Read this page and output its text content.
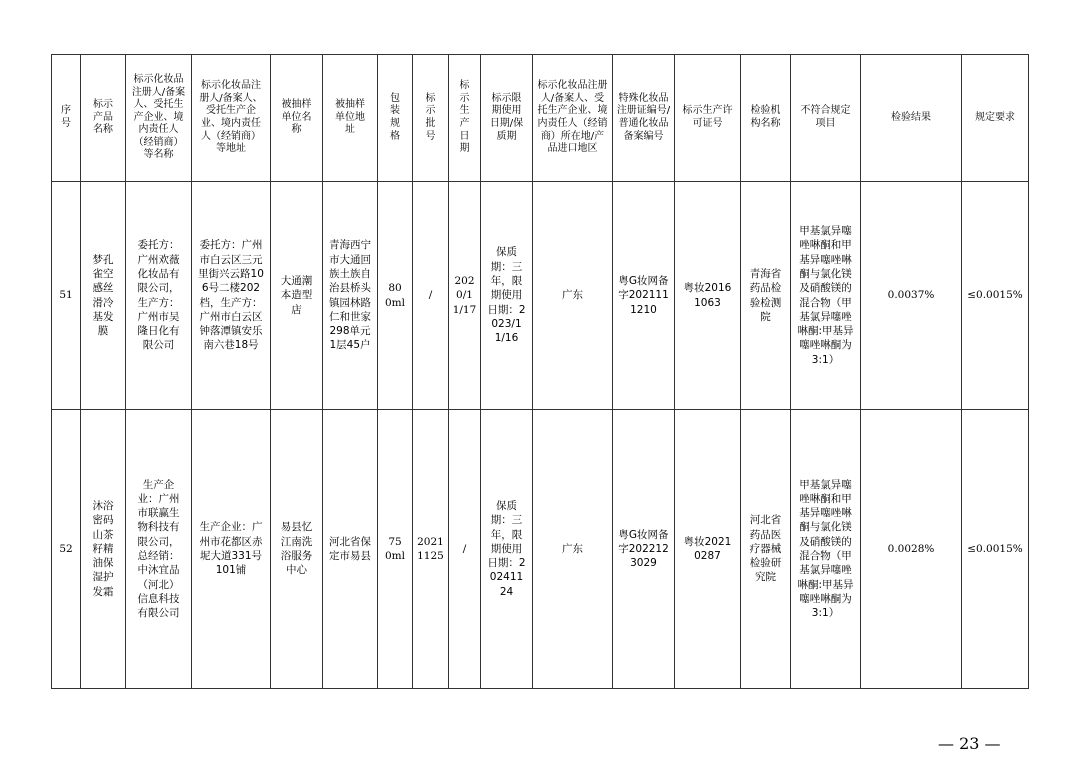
序号	标示产品名称	标示化妆品注册人/备案人、受托生产企业、境内责任人（经销商）等名称	标示化妆品注册人/备案人、受托生产企业、境内责任人（经销商）等地址	被抽样单位名称	被抽样单位地址	包装规格	标示批号	标示生产日期	标示限期使用日期/保质期	标示化妆品注册人/备案人、受托生产企业、境内责任人（经销商）所在地/产品进口地区	特殊化妆品注册证编号/普通化妆品备案编号	标示生产许可证号	检验机构名称	不符合规定项目	检验结果	规定要求
51	梦孔雀空感丝滑冷基发膜	委托方：广州欢薇化妆品有限公司，生产方：广州市吴隆日化有限公司	委托方：广州市白云区三元里街兴云路106号二楼202档，生产方：广州市白云区钟落潭镇安乐南六巷18号	大通潮本造型店	青海西宁市大通回族土族自治县桥头镇园林路仁和世家298单元1层45户	800ml	/	2020/11/17	保质期：三年，限期使用日期：2023/11/16	广东	粤G妆网备字2021111210	粤妆20161063	青海省药品检验检测院	甲基氯异噻唑啉酮和甲基异噻唑啉酮与氯化镁及硝酸镁的混合物（甲基氯异噻唑啉酮:甲基异噻唑啉酮为3:1）	0.0037%	≤0.0015%
52	沐浴密码山茶籽精油保湿护发霜	生产企业：广州市联赢生物科技有限公司，总经销：中沐宜品（河北）信息科技有限公司	生产企业：广州市花都区赤坭大道331号101铺	易县忆江南洗浴服务中心	河北省保定市易县	750ml	20211125	/	保质期：三年，限期使用日期：20241124	广东	粤G妆网备字2022123029	粤妆20210287	河北省药品医疗器械检验研究院	甲基氯异噻唑啉酮和甲基异噻唑啉酮与氯化镁及硝酸镁的混合物（甲基氯异噻唑啉酮:甲基异噻唑啉酮为3:1）	0.0028%	≤0.0015%
— 23 —
